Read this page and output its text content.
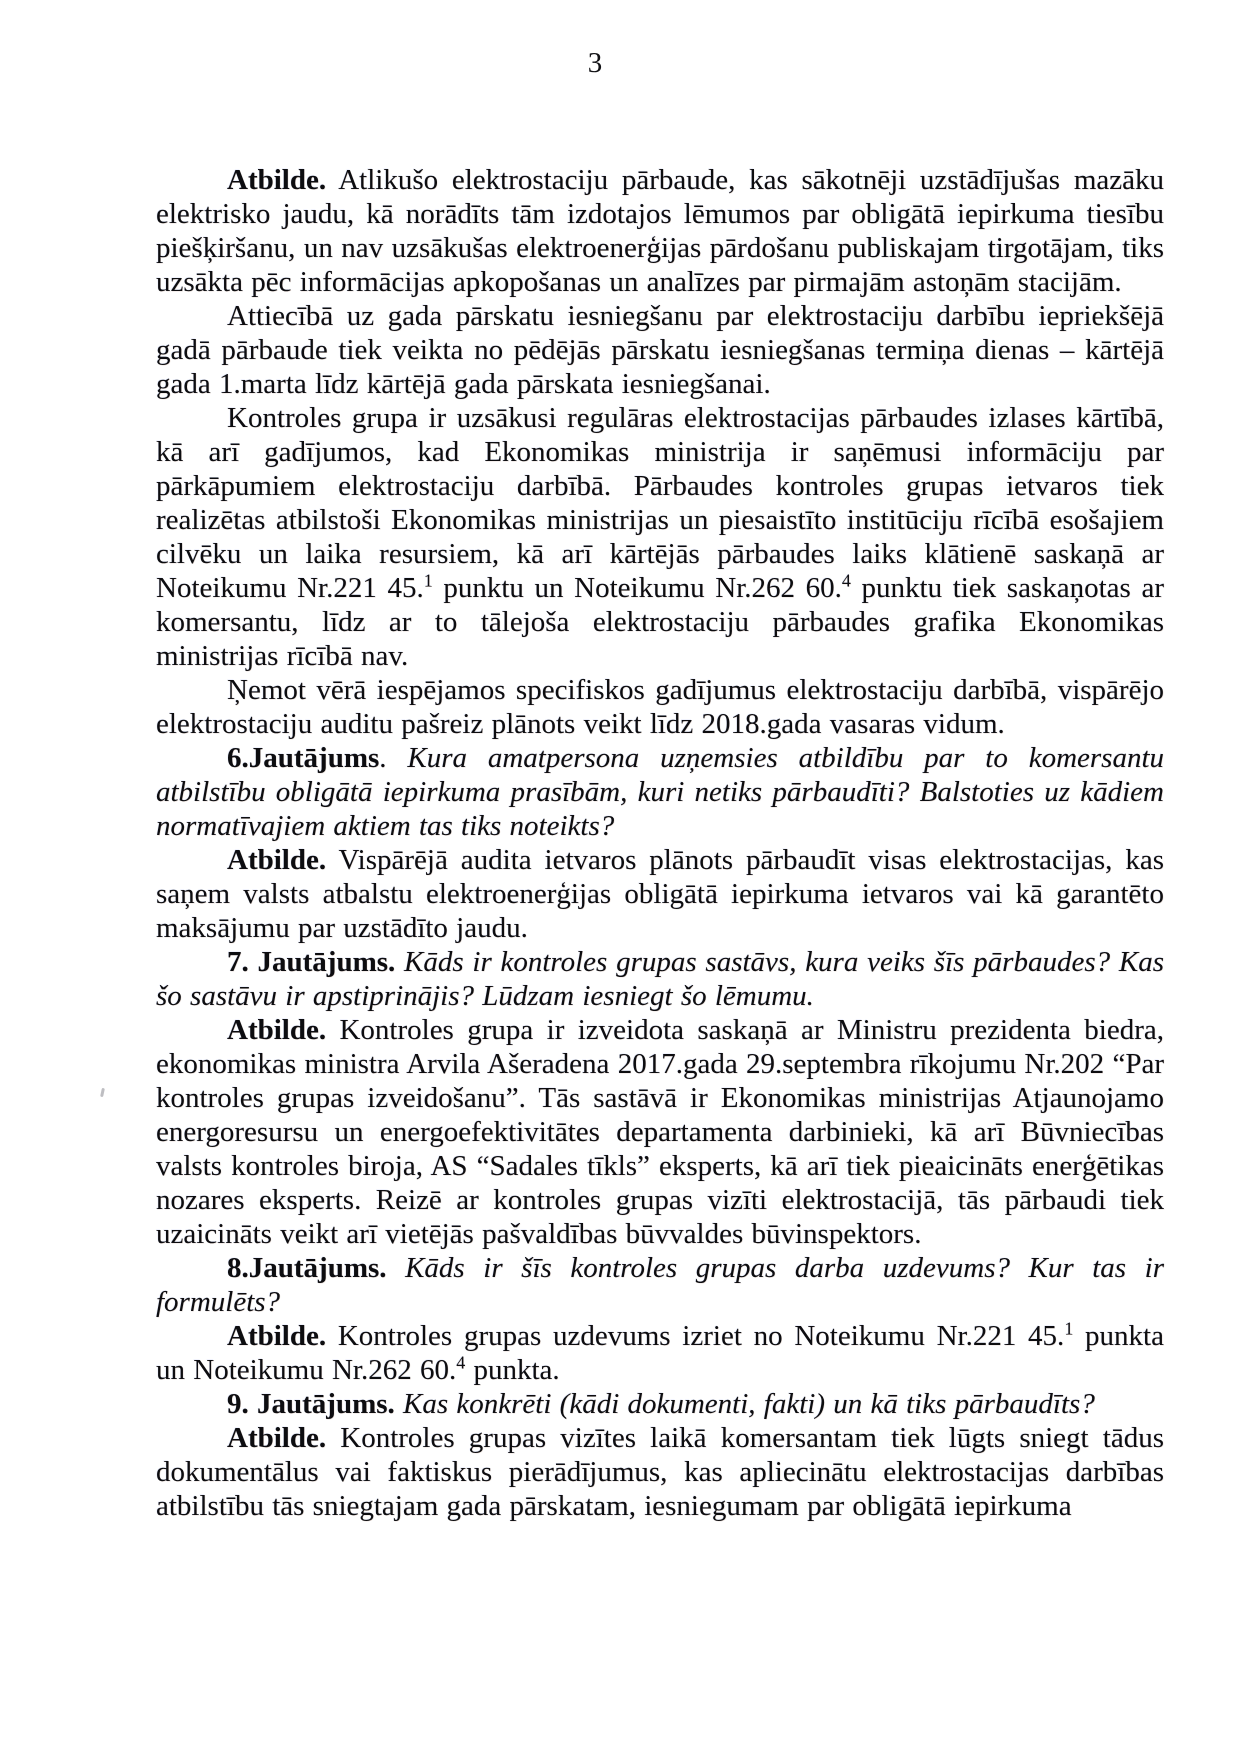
3

Atbilde. Atlikušo elektrostaciju pārbaude, kas sākotnēji uzstādījušas mazāku elektrisko jaudu, kā norādīts tām izdotajos lēmumos par obligātā iepirkuma tiesību piešķiršanu, un nav uzsākušas elektroenerģijas pārdošanu publiskajam tirgotājam, tiks uzsākta pēc informācijas apkopošanas un analīzes par pirmajām astoņām stacijām.

Attiecībā uz gada pārskatu iesniegšanu par elektrostaciju darbību iepriekšējā gadā pārbaude tiek veikta no pēdējās pārskatu iesniegšanas termiņa dienas – kārtējā gada 1.marta līdz kārtējā gada pārskata iesniegšanai.

Kontroles grupa ir uzsākusi regulāras elektrostacijas pārbaudes izlases kārtībā, kā arī gadījumos, kad Ekonomikas ministrija ir saņēmusi informāciju par pārkāpumiem elektrostaciju darbībā. Pārbaudes kontroles grupas ietvaros tiek realizētas atbilstoši Ekonomikas ministrijas un piesaistīto institūciju rīcībā esošajiem cilvēku un laika resursiem, kā arī kārtējās pārbaudes laiks klātienē saskaņā ar Noteikumu Nr.221 45.$^1$ punktu un Noteikumu Nr.262 60.$^4$ punktu tiek saskaņotas ar komersantu, līdz ar to tālejoša elektrostaciju pārbaudes grafika Ekonomikas ministrijas rīcībā nav.

Ņemot vērā iespējamos specifiskos gadījumus elektrostaciju darbībā, vispārējo elektrostaciju auditu pašreiz plānots veikt līdz 2018.gada vasaras vidum.

6.Jautājums. Kura amatpersona uzņemsies atbildību par to komersantu atbilstību obligātā iepirkuma prasībām, kuri netiks pārbaudīti? Balstoties uz kādiem normatīvajiem aktiem tas tiks noteikts?

Atbilde. Vispārējā audita ietvaros plānots pārbaudīt visas elektrostacijas, kas saņem valsts atbalstu elektroenerģijas obligātā iepirkuma ietvaros vai kā garantēto maksājumu par uzstādīto jaudu.

7. Jautājums. Kāds ir kontroles grupas sastāvs, kura veiks šīs pārbaudes? Kas šo sastāvu ir apstiprinājis? Lūdzam iesniegt šo lēmumu.

Atbilde. Kontroles grupa ir izveidota saskaņā ar Ministru prezidenta biedra, ekonomikas ministra Arvila Ašeradena 2017.gada 29.septembra rīkojumu Nr.202 “Par kontroles grupas izveidošanu”. Tās sastāvā ir Ekonomikas ministrijas Atjaunojamo energoresursu un energoefektivitātes departamenta darbinieki, kā arī Būvniecības valsts kontroles biroja, AS “Sadales tīkls” eksperts, kā arī tiek pieaicināts enerģētikas nozares eksperts. Reizē ar kontroles grupas vizīti elektrostacijā, tās pārbaudi tiek uzaicināts veikt arī vietējās pašvaldības būvvaldes būvinspektors.

8.Jautājums. Kāds ir šīs kontroles grupas darba uzdevums? Kur tas ir formulēts?

Atbilde. Kontroles grupas uzdevums izriet no Noteikumu Nr.221 45.$^1$ punkta un Noteikumu Nr.262 60.$^4$ punkta.

9. Jautājums. Kas konkrēti (kādi dokumenti, fakti) un kā tiks pārbaudīts?

Atbilde. Kontroles grupas vizītes laikā komersantam tiek lūgts sniegt tādus dokumentālus vai faktiskus pierādījumus, kas apliecinātu elektrostacijas darbības atbilstību tās sniegtajam gada pārskatam, iesniegumam par obligātā iepirkuma
